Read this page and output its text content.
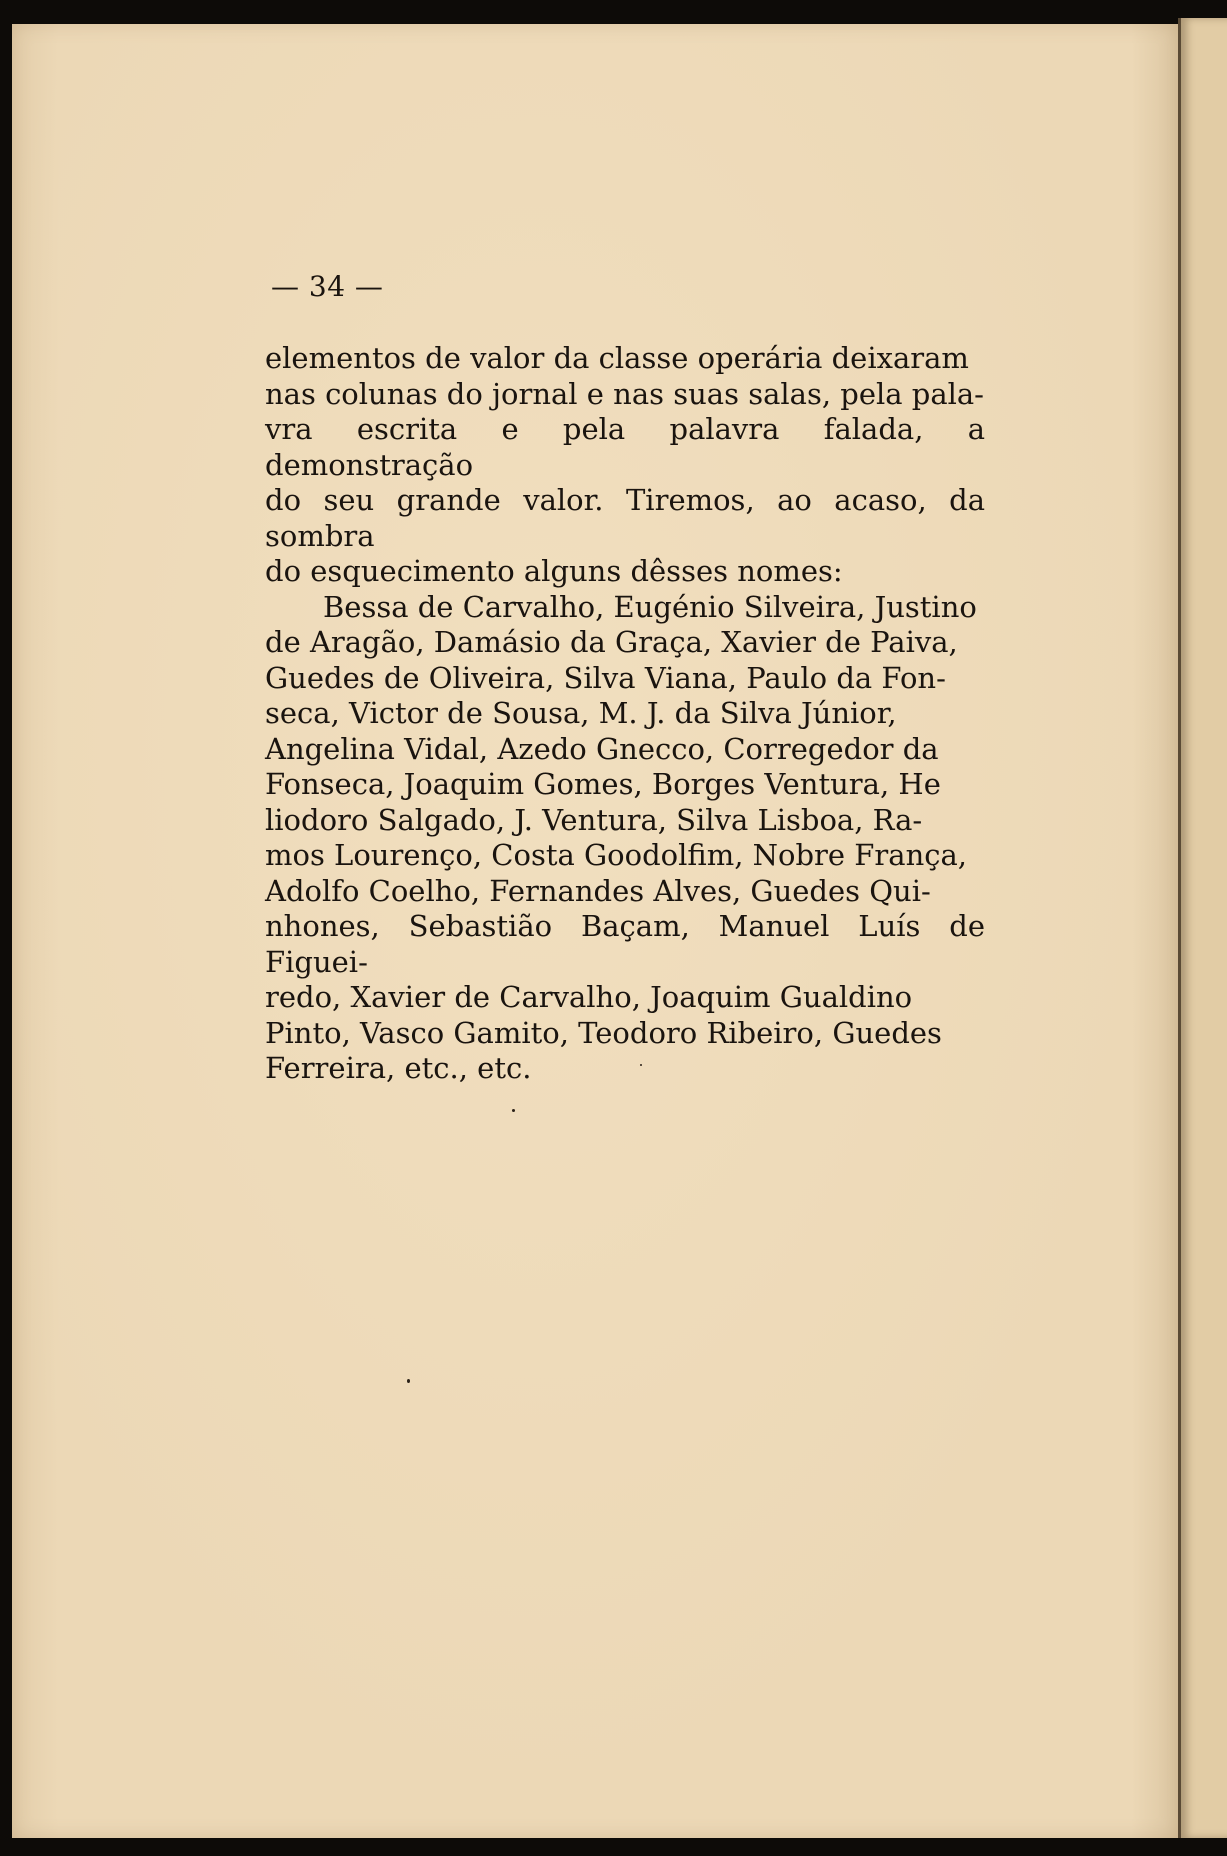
— 34 —

elementos de valor da classe operária deixaram
nas colunas do jornal e nas suas salas, pela pala-
vra escrita e pela palavra falada, a demonstração
do seu grande valor. Tiremos, ao acaso, da sombra
do esquecimento alguns dêsses nomes:

Bessa de Carvalho, Eugénio Silveira, Justino
de Aragão, Damásio da Graça, Xavier de Paiva,
Guedes de Oliveira, Silva Viana, Paulo da Fon-
seca, Victor de Sousa, M. J. da Silva Júnior,
Angelina Vidal, Azedo Gnecco, Corregedor da
Fonseca, Joaquim Gomes, Borges Ventura, He
liodoro Salgado, J. Ventura, Silva Lisboa, Ra-
mos Lourenço, Costa Goodolfim, Nobre França,
Adolfo Coelho, Fernandes Alves, Guedes Qui-
nhones, Sebastião Baçam, Manuel Luís de Figuei-
redo, Xavier de Carvalho, Joaquim Gualdino
Pinto, Vasco Gamito, Teodoro Ribeiro, Guedes
Ferreira, etc., etc.
